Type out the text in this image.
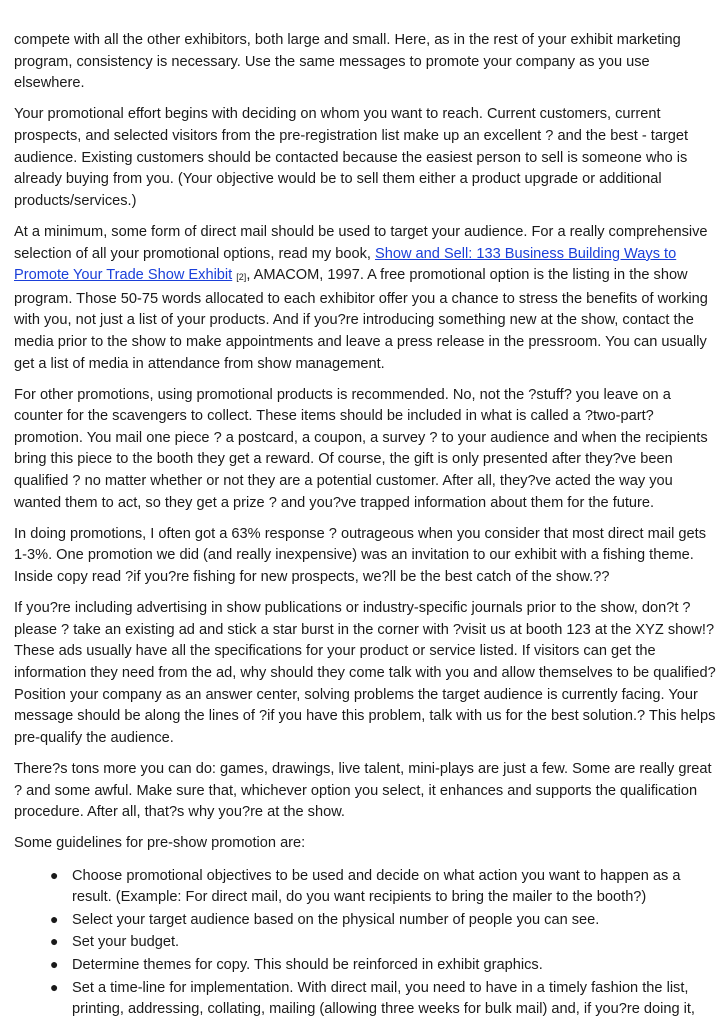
compete with all the other exhibitors, both large and small. Here, as in the rest of your exhibit marketing program, consistency is necessary. Use the same messages to promote your company as you use elsewhere.

Your promotional effort begins with deciding on whom you want to reach. Current customers, current prospects, and selected visitors from the pre-registration list make up an excellent ? and the best - target audience. Existing customers should be contacted because the easiest person to sell is someone who is already buying from you. (Your objective would be to sell them either a product upgrade or additional products/services.)

At a minimum, some form of direct mail should be used to target your audience. For a really comprehensive selection of all your promotional options, read my book, Show and Sell: 133 Business Building Ways to Promote Your Trade Show Exhibit $_{[2]}$, AMACOM, 1997. A free promotional option is the listing in the show program. Those 50-75 words allocated to each exhibitor offer you a chance to stress the benefits of working with you, not just a list of your products. And if you?re introducing something new at the show, contact the media prior to the show to make appointments and leave a press release in the pressroom. You can usually get a list of media in attendance from show management.

For other promotions, using promotional products is recommended. No, not the ?stuff? you leave on a counter for the scavengers to collect. These items should be included in what is called a ?two-part? promotion. You mail one piece ? a postcard, a coupon, a survey ? to your audience and when the recipients bring this piece to the booth they get a reward. Of course, the gift is only presented after they?ve been qualified ? no matter whether or not they are a potential customer. After all, they?ve acted the way you wanted them to act, so they get a prize ? and you?ve trapped information about them for the future.

In doing promotions, I often got a 63% response ? outrageous when you consider that most direct mail gets 1-3%. One promotion we did (and really inexpensive) was an invitation to our exhibit with a fishing theme. Inside copy read ?if you?re fishing for new prospects, we?ll be the best catch of the show.??

If you?re including advertising in show publications or industry-specific journals prior to the show, don?t ?please ? take an existing ad and stick a star burst in the corner with ?visit us at booth 123 at the XYZ show!? These ads usually have all the specifications for your product or service listed. If visitors can get the information they need from the ad, why should they come talk with you and allow themselves to be qualified? Position your company as an answer center, solving problems the target audience is currently facing. Your message should be along the lines of ?if you have this problem, talk with us for the best solution.? This helps pre-qualify the audience.

There?s tons more you can do: games, drawings, live talent, mini-plays are just a few. Some are really great ? and some awful. Make sure that, whichever option you select, it enhances and supports the qualification procedure. After all, that?s why you?re at the show.

Some guidelines for pre-show promotion are:

● Choose promotional objectives to be used and decide on what action you want to happen as a result. (Example: For direct mail, do you want recipients to bring the mailer to the booth?)
● Select your target audience based on the physical number of people you can see.
● Set your budget.
● Determine themes for copy. This should be reinforced in exhibit graphics.
● Set a time-line for implementation. With direct mail, you need to have in a timely fashion the list, printing, addressing, collating, mailing (allowing three weeks for bulk mail) and, if you?re doing it,
